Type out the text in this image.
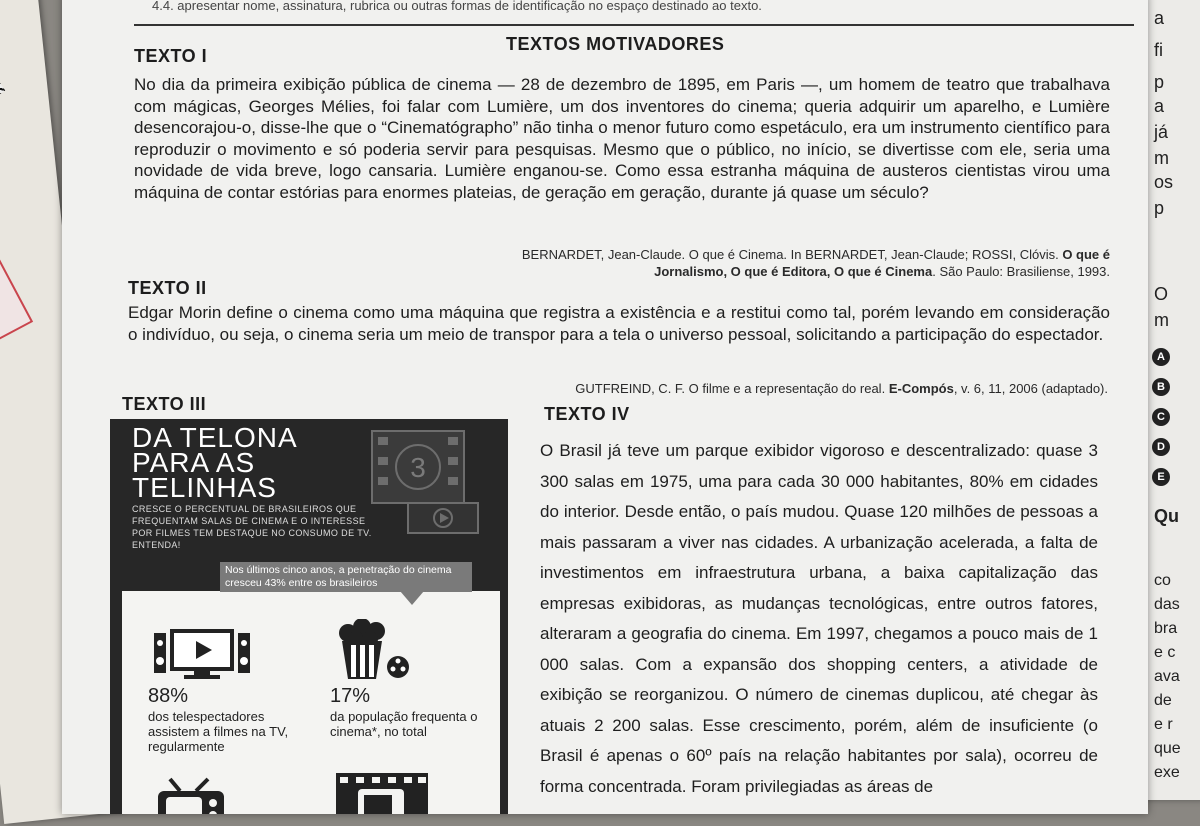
a
fi
p
a
já
m
os
p
O
m
A
B
C
D
E
Qu
co
das
bra
e c
ava
de
e r
que
exe
4.4. apresentar nome, assinatura, rubrica ou outras formas de identificação no espaço destinado ao texto.
TEXTOS MOTIVADORES
TEXTO I
No dia da primeira exibição pública de cinema — 28 de dezembro de 1895, em Paris —, um homem de teatro que trabalhava com mágicas, Georges Mélies, foi falar com Lumière, um dos inventores do cinema; queria adquirir um aparelho, e Lumière desencorajou-o, disse-lhe que o “Cinematógrapho” não tinha o menor futuro como espetáculo, era um instrumento científico para reproduzir o movimento e só poderia servir para pesquisas. Mesmo que o público, no início, se divertisse com ele, seria uma novidade de vida breve, logo cansaria. Lumière enganou-se. Como essa estranha máquina de austeros cientistas virou uma máquina de contar estórias para enormes plateias, de geração em geração, durante já quase um século?
BERNARDET, Jean-Claude. O que é Cinema. In BERNARDET, Jean-Claude; ROSSI, Clóvis. O que é Jornalismo, O que é Editora, O que é Cinema. São Paulo: Brasiliense, 1993.
TEXTO II
Edgar Morin define o cinema como uma máquina que registra a existência e a restitui como tal, porém levando em consideração o indivíduo, ou seja, o cinema seria um meio de transpor para a tela o universo pessoal, solicitando a participação do espectador.
GUTFREIND, C. F. O filme e a representação do real. E-Compós, v. 6, 11, 2006 (adaptado).
TEXTO III
DA TELONA
PARA AS
TELINHAS
CRESCE O PERCENTUAL DE BRASILEIROS QUE FREQUENTAM SALAS DE CINEMA E O INTERESSE POR FILMES TEM DESTAQUE NO CONSUMO DE TV. ENTENDA!
3
88%
dos telespectadores assistem a filmes na TV, regularmente
17%
da população frequenta o cinema*, no total
Nos últimos cinco anos, a penetração do cinema cresceu 43% entre os brasileiros
TEXTO IV
O Brasil já teve um parque exibidor vigoroso e descentralizado: quase 3 300 salas em 1975, uma para cada 30 000 habitantes, 80% em cidades do interior. Desde então, o país mudou. Quase 120 milhões de pessoas a mais passaram a viver nas cidades. A urbanização acelerada, a falta de investimentos em infraestrutura urbana, a baixa capitalização das empresas exibidoras, as mudanças tecnológicas, entre outros fatores, alteraram a geografia do cinema. Em 1997, chegamos a pouco mais de 1 000 salas. Com a expansão dos shopping centers, a atividade de exibição se reorganizou. O número de cinemas duplicou, até chegar às atuais 2 200 salas. Esse crescimento, porém, além de insuficiente (o Brasil é apenas o 60º país na relação habitantes por sala), ocorreu de forma concentrada. Foram privilegiadas as áreas de
